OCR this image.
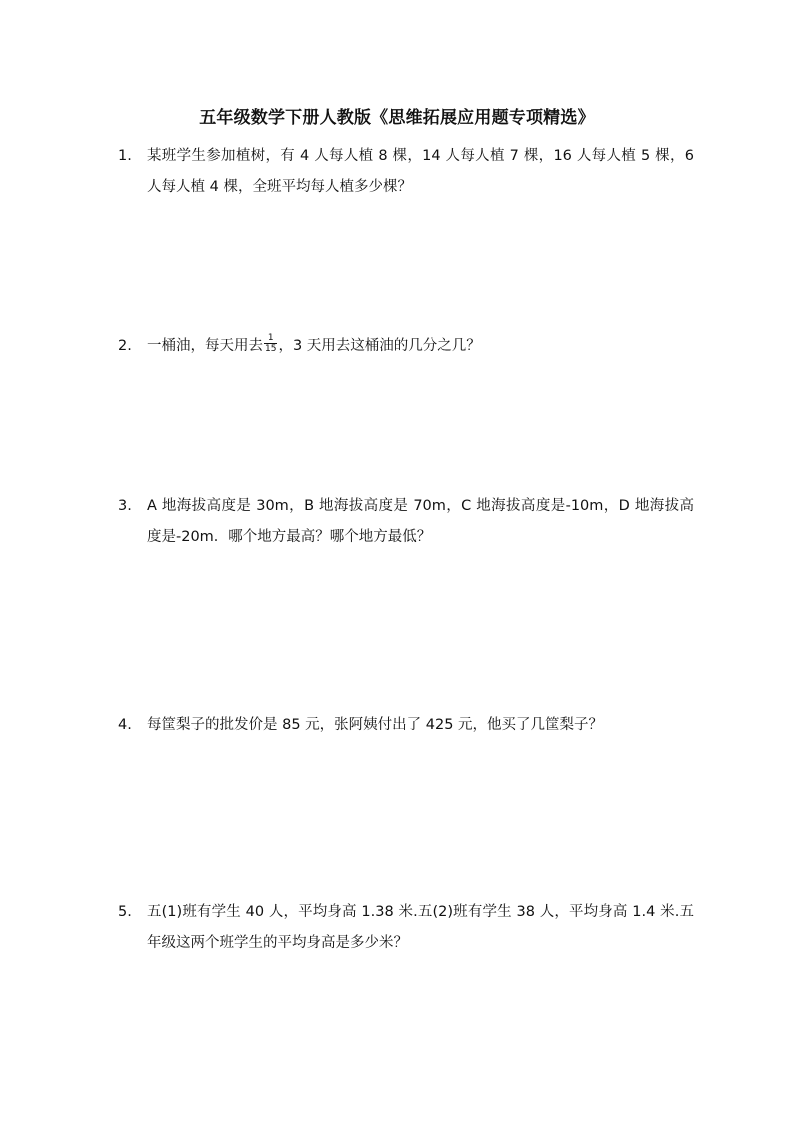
五年级数学下册人教版《思维拓展应用题专项精选》
1.	某班学生参加植树，有 4 人每人植 8 棵，14 人每人植 7 棵，16 人每人植 5 棵，6 人每人植 4 棵，全班平均每人植多少棵？
2.	一桶油，每天用去 $\frac{1}{15}$ ，3 天用去这桶油的几分之几？
3.	A 地海拔高度是 30m，B 地海拔高度是 70m，C 地海拔高度是-10m，D 地海拔高度是-20m．哪个地方最高？哪个地方最低？
4.	每筐梨子的批发价是 85 元，张阿姨付出了 425 元，他买了几筐梨子？
5.	五(1)班有学生 40 人，平均身高 1.38 米.五(2)班有学生 38 人，平均身高 1.4 米.五年级这两个班学生的平均身高是多少米？
